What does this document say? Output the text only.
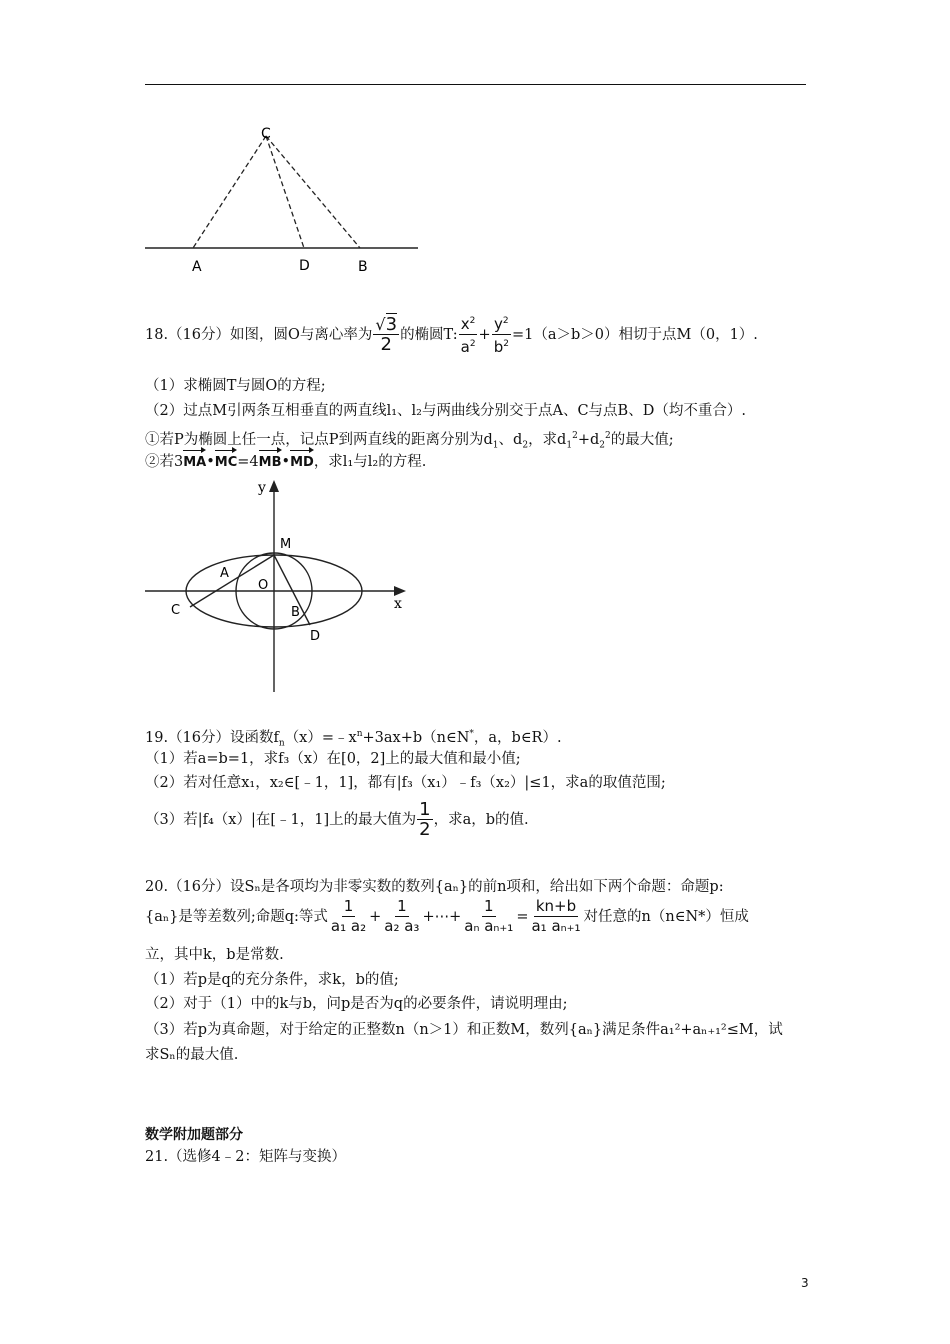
C
A	D	B
18.（16分）如图，圆O与离心率为 $\frac{√3}{2}$ 的椭圆T: $\frac{x^2}{a^2} + \frac{y^2}{b^2} =1(a>b>0)$相切于点M（0，1）.
（1）求椭圆T与圆O的方程;
（2）过点M引两条互相垂直的两直线l₁、l₂与两曲线分别交于点A、C与点B、D（均不重合）.
①若P为椭圆上任一点，记点P到两直线的距离分别为$d_1$、$d_2$，求$d_1^2+d_2^2$的最大值;
②若3MA•MC=4MB•MD，求l₁与l₂的方程.
y
M
A
O
C	B
D
x
19.（16分）设函数$f_n(x)=﹣x^n+3ax+b(n\in N^*$，a，b∈R）.
（1）若a=b=1，求f₃（x）在[0，2]上的最大值和最小值;
（2）若对任意x₁，x₂∈[﹣1，1]，都有|f₃（x₁）﹣f₃（x₂）|≤1，求a的取值范围;
（3）若|f₄（x）|在[﹣1，1]上的最大值为 $\frac{1}{2}$ ，求a，b的值.
20.（16分）设Sₙ是各项均为非零实数的数列{aₙ}的前n项和，给出如下两个命题：命题p:
{aₙ}是等差数列;命题q:等式 $\frac{1}{\text{a₁ a₂}} + \frac{1}{\text{a₂ a₃}}$ +⋯+ $\frac{1}{\text{aₙ aₙ₊₁}} = \frac{kn+b}{\text{a₁ aₙ₊₁}}$ 对任意的n（n∈N*）恒成
立，其中k，b是常数.
（1）若p是q的充分条件，求k，b的值;
（2）对于（1）中的k与b，问p是否为q的必要条件，请说明理由;
（3）若p为真命题，对于给定的正整数n（n＞1）和正数M，数列{aₙ}满足条件a₁²+aₙ₊₁²≤M，试
求Sₙ的最大值.
数学附加题部分
21.（选修4﹣2：矩阵与变换）
3
